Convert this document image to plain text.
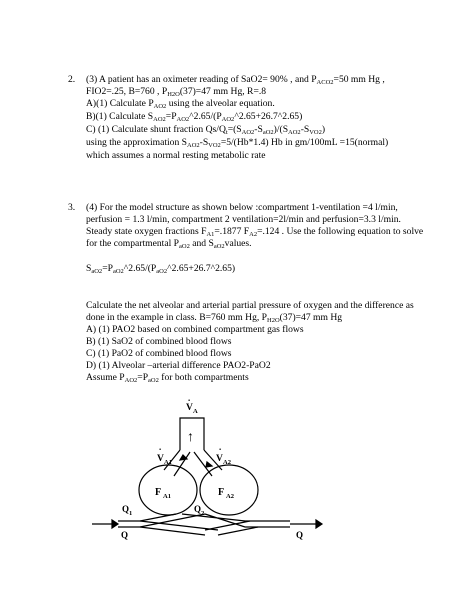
2. (3) A patient has an oximeter reading of SaO2= 90% , and $P_{ACO2}=50$ mm Hg ,
FIO2=.25, B=760 , $P_{H2O}(37)=47$ mm Hg, R=.8
A)(1) Calculate $P_{AO2}$ using the alveolar equation.
B)(1) Calculate $S_{AO2}=P_{AO2}\^{}2.65/(P_{AO2}\^{}2.65+26.7\^{}2.65)$
C) (1) Calculate shunt fraction $Qs/Q_t=(S_{AO2}-S_{aO2})/(S_{AO2}-S_{VO2})$
using the approximation $S_{AO2}-S_{VO2}=5/(Hb*1.4)$ Hb in gm/100mL =15(normal)
which assumes a normal resting metabolic rate
3. (4) For the model structure as shown below :compartment 1-ventilation =4 l/min,
perfusion = 1.3 l/min, compartment 2 ventilation=2l/min and perfusion=3.3 l/min.
Steady state oxygen fractions $F_{A1}=.1877$ $F_{A2}=.124$ . Use the following equation to solve
for the compartmental $P_{aO2}$ and $S_{aO2}values$.
$S_{aO2}=P_{aO2}\^{}2.65/(P_{aO2}\^{}2.65+26.7\^{}2.65)$
Calculate the net alveolar and arterial partial pressure of oxygen and the difference as
done in the example in class. B=760 mm Hg, $P_{H2O}(37)=47$ mm Hg
A) (1) PAO2 based on combined compartment gas flows
B) (1) SaO2 of combined blood flows
C) (1) PaO2 of combined blood flows
D) (1) Alveolar –arterial difference PAO2-PaO2
Assume $P_{AO2}=P_{aO2}$ for both compartments
.
V A
↑
.
V A1
.
V A2
F A1	F A2
Q 1	Q 2
Q	Q
